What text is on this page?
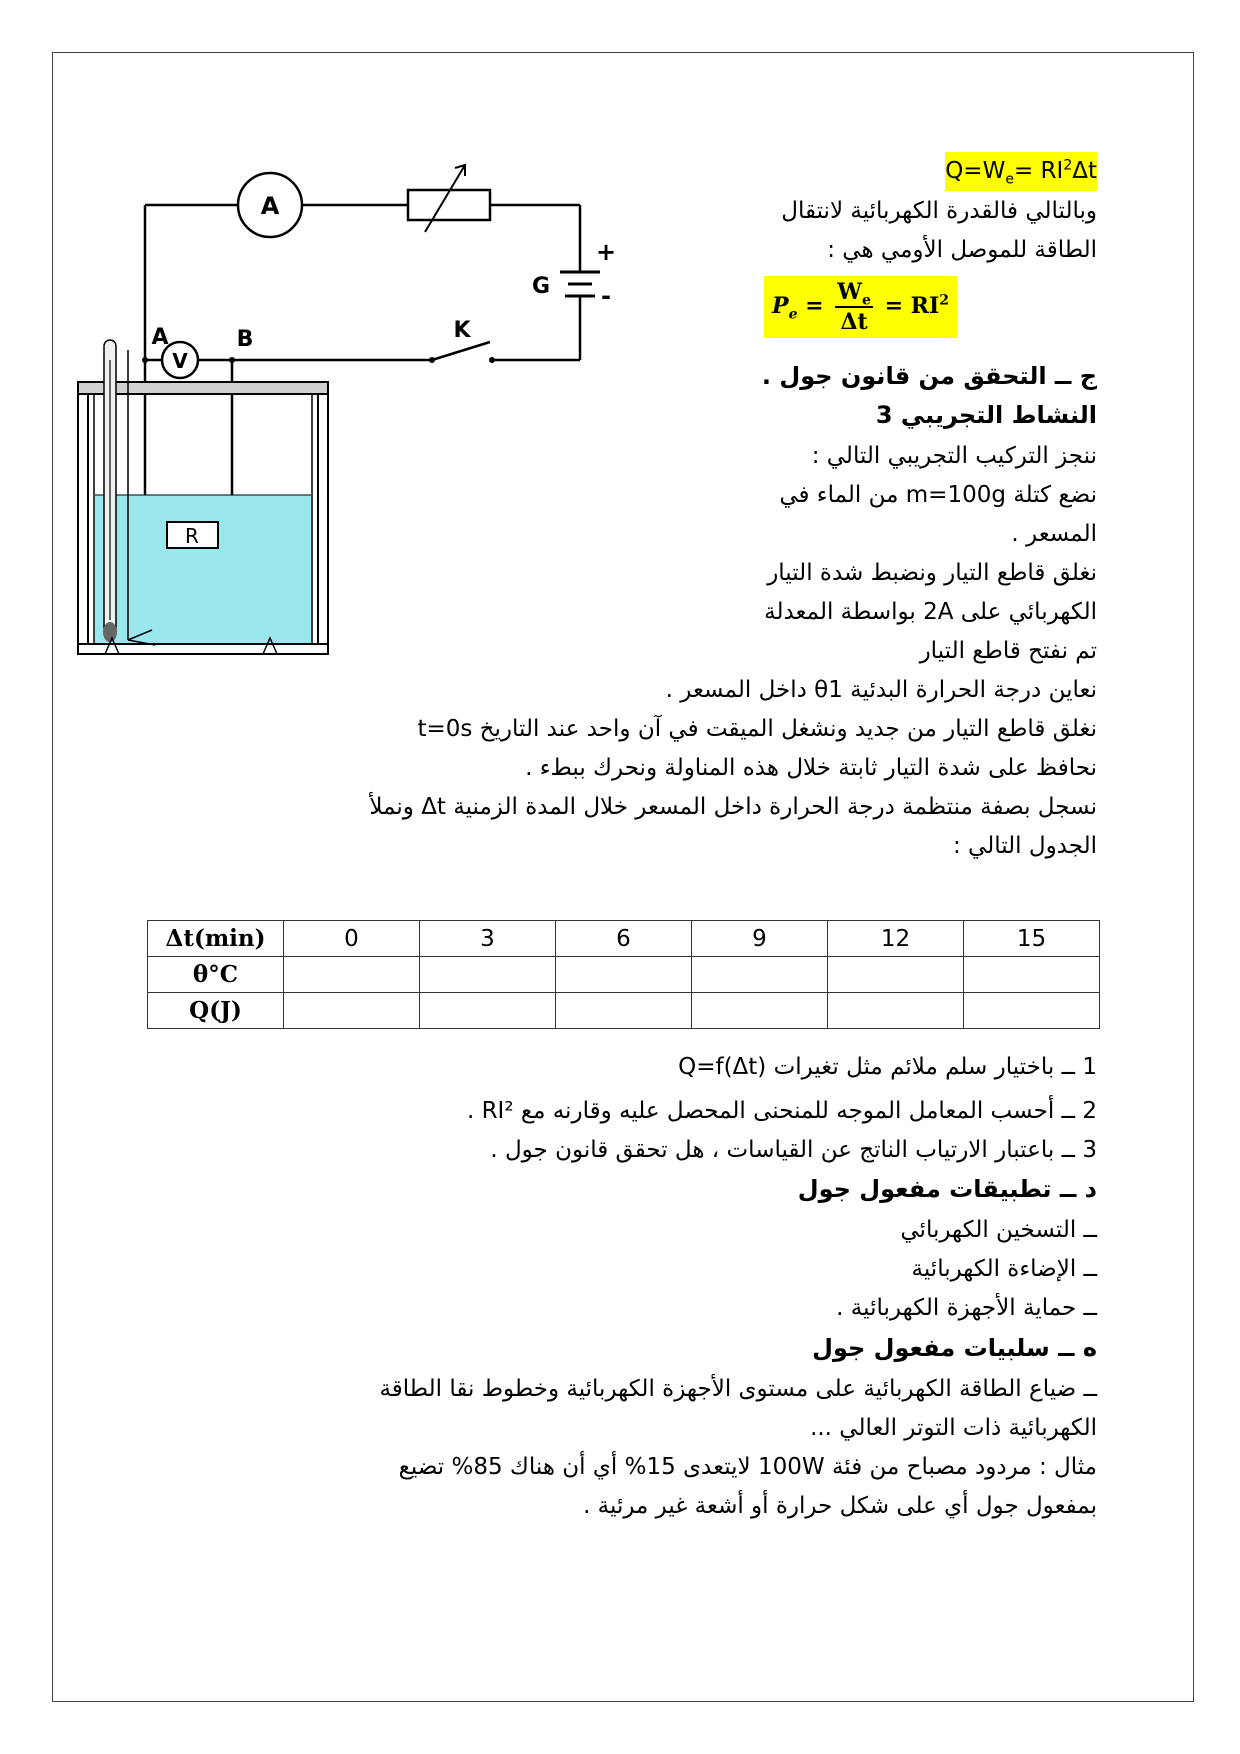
A
V
G
+
-
K
A	B
R
$Q=W_e= RI^2\Delta t$
وبالتالي فالقدرة الكهربائية لانتقال
الطاقة للموصل الأومي هي :
$P_e = \frac{W_e}{\Delta t} = RI^2$
ج ــ التحقق من قانون جول .
النشاط التجريبي 3
ننجز التركيب التجريبي التالي :
نضع كتلة m=100g من الماء في
المسعر .
نغلق قاطع التيار ونضبط شدة التيار
الكهربائي على 2A بواسطة المعدلة
تم نفتح قاطع التيار
نعاين درجة الحرارة البدئية θ1 داخل المسعر .
نغلق قاطع التيار من جديد ونشغل الميقت في آن واحد عند التاريخ t=0s
نحافظ على شدة التيار ثابتة خلال هذه المناولة ونحرك ببطء .
نسجل بصفة منتظمة درجة الحرارة داخل المسعر خلال المدة الزمنية Δt ونملأ
الجدول التالي :
Δt(min)	0	3	6	9	12	15
θ°C						
Q(J)						
1 ــ باختيار سلم ملائم مثل تغيرات Q=f(Δt)
2 ــ أحسب المعامل الموجه للمنحنى المحصل عليه وقارنه مع RI² .
3 ــ باعتبار الارتياب الناتج عن القياسات ، هل تحقق قانون جول .
د ــ تطبيقات مفعول جول
ــ التسخين الكهربائي
ــ الإضاءة الكهربائية
ــ حماية الأجهزة الكهربائية .
ه ــ سلبيات مفعول جول
ــ ضياع الطاقة الكهربائية على مستوى الأجهزة الكهربائية وخطوط نقا الطاقة
الكهربائية ذات التوتر العالي ...
مثال : مردود مصباح من فئة 100W لايتعدى 15% أي أن هناك 85% تضيع
بمفعول جول أي على شكل حرارة أو أشعة غير مرئية .
